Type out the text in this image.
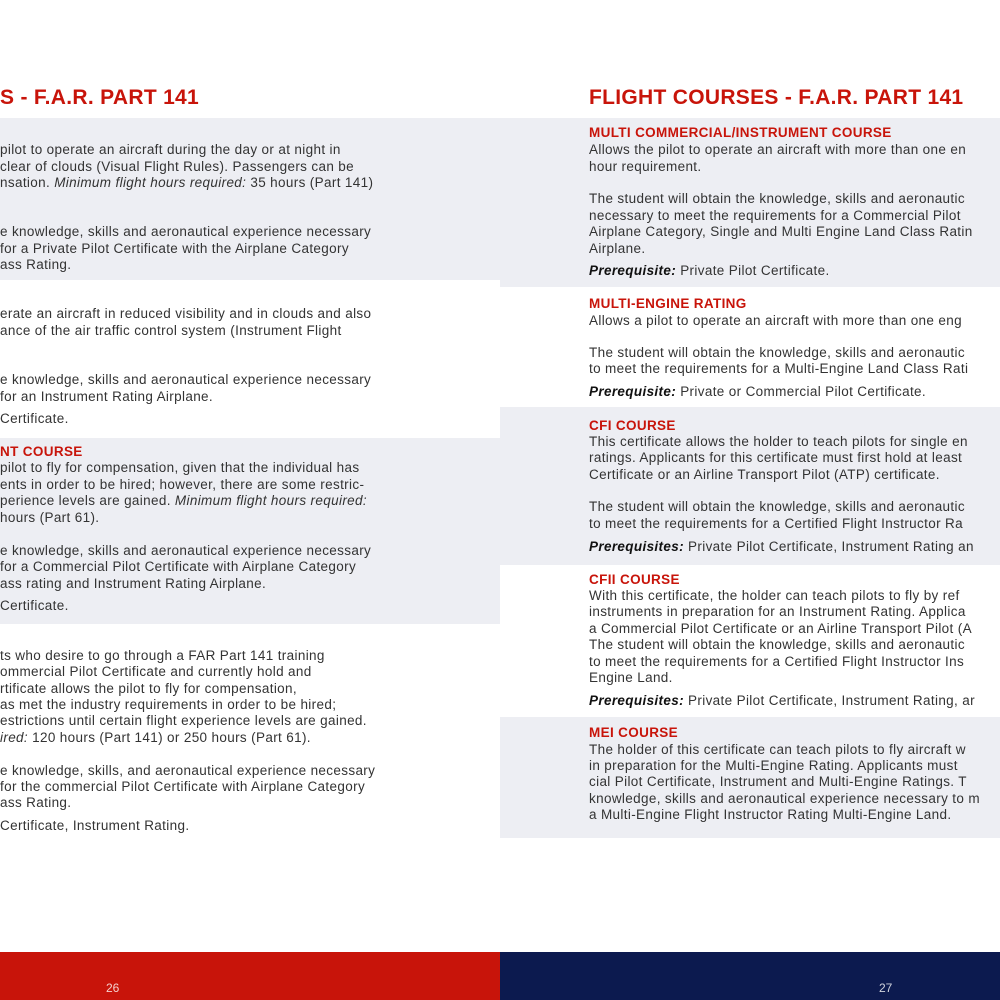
S - F.A.R. PART 141	FLIGHT COURSES - F.A.R. PART 141
pilot to operate an aircraft during the day or at night in
clear of clouds (Visual Flight Rules). Passengers can be
nsation. Minimum flight hours required: 35 hours (Part 141)
e knowledge, skills and aeronautical experience necessary
for a Private Pilot Certificate with the Airplane Category
ass Rating.
erate an aircraft in reduced visibility and in clouds and also
ance of the air traffic control system (Instrument Flight
e knowledge, skills and aeronautical experience necessary
for an Instrument Rating Airplane.
Certificate.
NT COURSE
pilot to fly for compensation, given that the individual has
ents in order to be hired; however, there are some restric-
perience levels are gained. Minimum flight hours required:
hours (Part 61).
e knowledge, skills and aeronautical experience necessary
for a Commercial Pilot Certificate with Airplane Category
ass rating and Instrument Rating Airplane.
Certificate.
ts who desire to go through a FAR Part 141 training
ommercial Pilot Certificate and currently hold and
rtificate allows the pilot to fly for compensation,
as met the industry requirements in order to be hired;
estrictions until certain flight experience levels are gained.
ired: 120 hours (Part 141) or 250 hours (Part 61).
e knowledge, skills, and aeronautical experience necessary
for the commercial Pilot Certificate with Airplane Category
ass Rating.
Certificate, Instrument Rating.
MULTI COMMERCIAL/INSTRUMENT COURSE
Allows the pilot to operate an aircraft with more than one en
hour requirement.
The student will obtain the knowledge, skills and aeronautic
necessary to meet the requirements for a Commercial Pilot
Airplane Category, Single and Multi Engine Land Class Ratin
Airplane.
Prerequisite: Private Pilot Certificate.
MULTI-ENGINE RATING
Allows a pilot to operate an aircraft with more than one eng
The student will obtain the knowledge, skills and aeronautic
to meet the requirements for a Multi-Engine Land Class Rati
Prerequisite: Private or Commercial Pilot Certificate.
CFI COURSE
This certificate allows the holder to teach pilots for single en
ratings. Applicants for this certificate must first hold at least
Certificate or an Airline Transport Pilot (ATP) certificate.
The student will obtain the knowledge, skills and aeronautic
to meet the requirements for a Certified Flight Instructor Ra
Prerequisites: Private Pilot Certificate, Instrument Rating an
CFII COURSE
With this certificate, the holder can teach pilots to fly by ref
instruments in preparation for an Instrument Rating. Applica
a Commercial Pilot Certificate or an Airline Transport Pilot (A
The student will obtain the knowledge, skills and aeronautic
to meet the requirements for a Certified Flight Instructor Ins
Engine Land.
Prerequisites: Private Pilot Certificate, Instrument Rating, ar
MEI COURSE
The holder of this certificate can teach pilots to fly aircraft w
in preparation for the Multi-Engine Rating. Applicants must
cial Pilot Certificate, Instrument and Multi-Engine Ratings. T
knowledge, skills and aeronautical experience necessary to m
a Multi-Engine Flight Instructor Rating Multi-Engine Land.
26	27
